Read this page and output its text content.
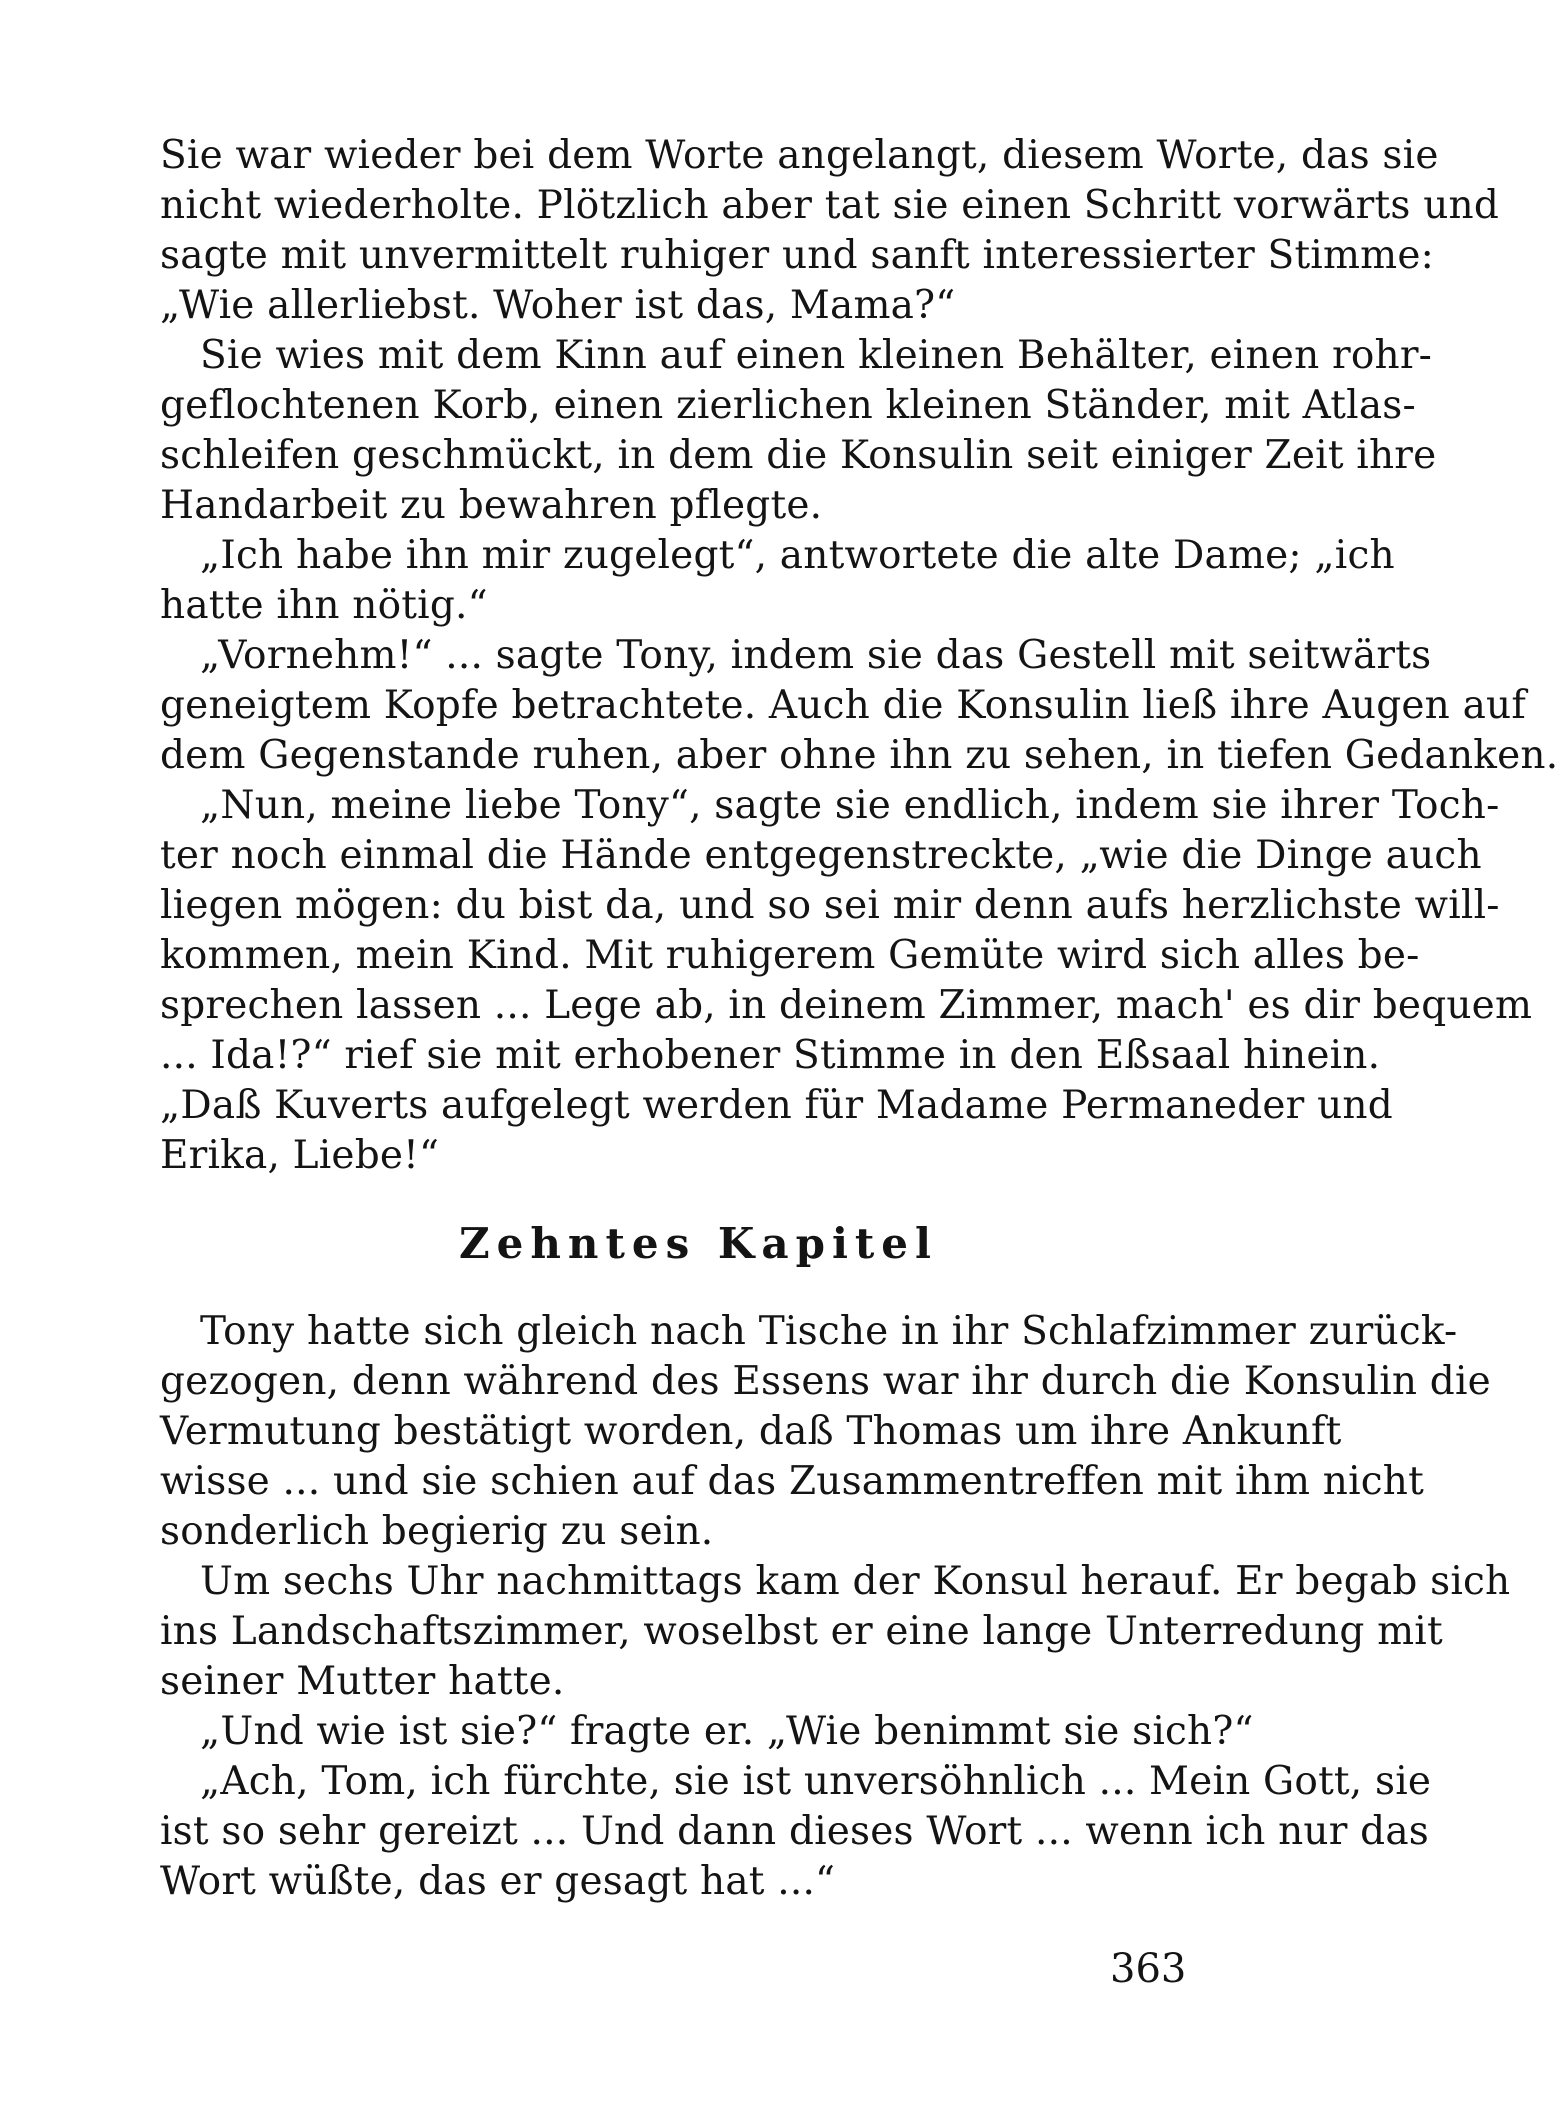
Sie war wieder bei dem Worte angelangt, diesem Worte, das sie
nicht wiederholte. Plötzlich aber tat sie einen Schritt vorwärts und
sagte mit unvermittelt ruhiger und sanft interessierter Stimme:
„Wie allerliebst. Woher ist das, Mama?“
Sie wies mit dem Kinn auf einen kleinen Behälter, einen rohr-
geflochtenen Korb, einen zierlichen kleinen Ständer, mit Atlas-
schleifen geschmückt, in dem die Konsulin seit einiger Zeit ihre
Handarbeit zu bewahren pflegte.
„Ich habe ihn mir zugelegt“, antwortete die alte Dame; „ich
hatte ihn nötig.“
„Vornehm!“ ... sagte Tony, indem sie das Gestell mit seitwärts
geneigtem Kopfe betrachtete. Auch die Konsulin ließ ihre Augen auf
dem Gegenstande ruhen, aber ohne ihn zu sehen, in tiefen Gedanken.
„Nun, meine liebe Tony“, sagte sie endlich, indem sie ihrer Toch-
ter noch einmal die Hände entgegenstreckte, „wie die Dinge auch
liegen mögen: du bist da, und so sei mir denn aufs herzlichste will-
kommen, mein Kind. Mit ruhigerem Gemüte wird sich alles be-
sprechen lassen ... Lege ab, in deinem Zimmer, mach' es dir bequem
... Ida!?“ rief sie mit erhobener Stimme in den Eßsaal hinein.
„Daß Kuverts aufgelegt werden für Madame Permaneder und
Erika, Liebe!“
Zehntes Kapitel
Tony hatte sich gleich nach Tische in ihr Schlafzimmer zurück-
gezogen, denn während des Essens war ihr durch die Konsulin die
Vermutung bestätigt worden, daß Thomas um ihre Ankunft
wisse ... und sie schien auf das Zusammentreffen mit ihm nicht
sonderlich begierig zu sein.
Um sechs Uhr nachmittags kam der Konsul herauf. Er begab sich
ins Landschaftszimmer, woselbst er eine lange Unterredung mit
seiner Mutter hatte.
„Und wie ist sie?“ fragte er. „Wie benimmt sie sich?“
„Ach, Tom, ich fürchte, sie ist unversöhnlich ... Mein Gott, sie
ist so sehr gereizt ... Und dann dieses Wort ... wenn ich nur das
Wort wüßte, das er gesagt hat ...“
363
